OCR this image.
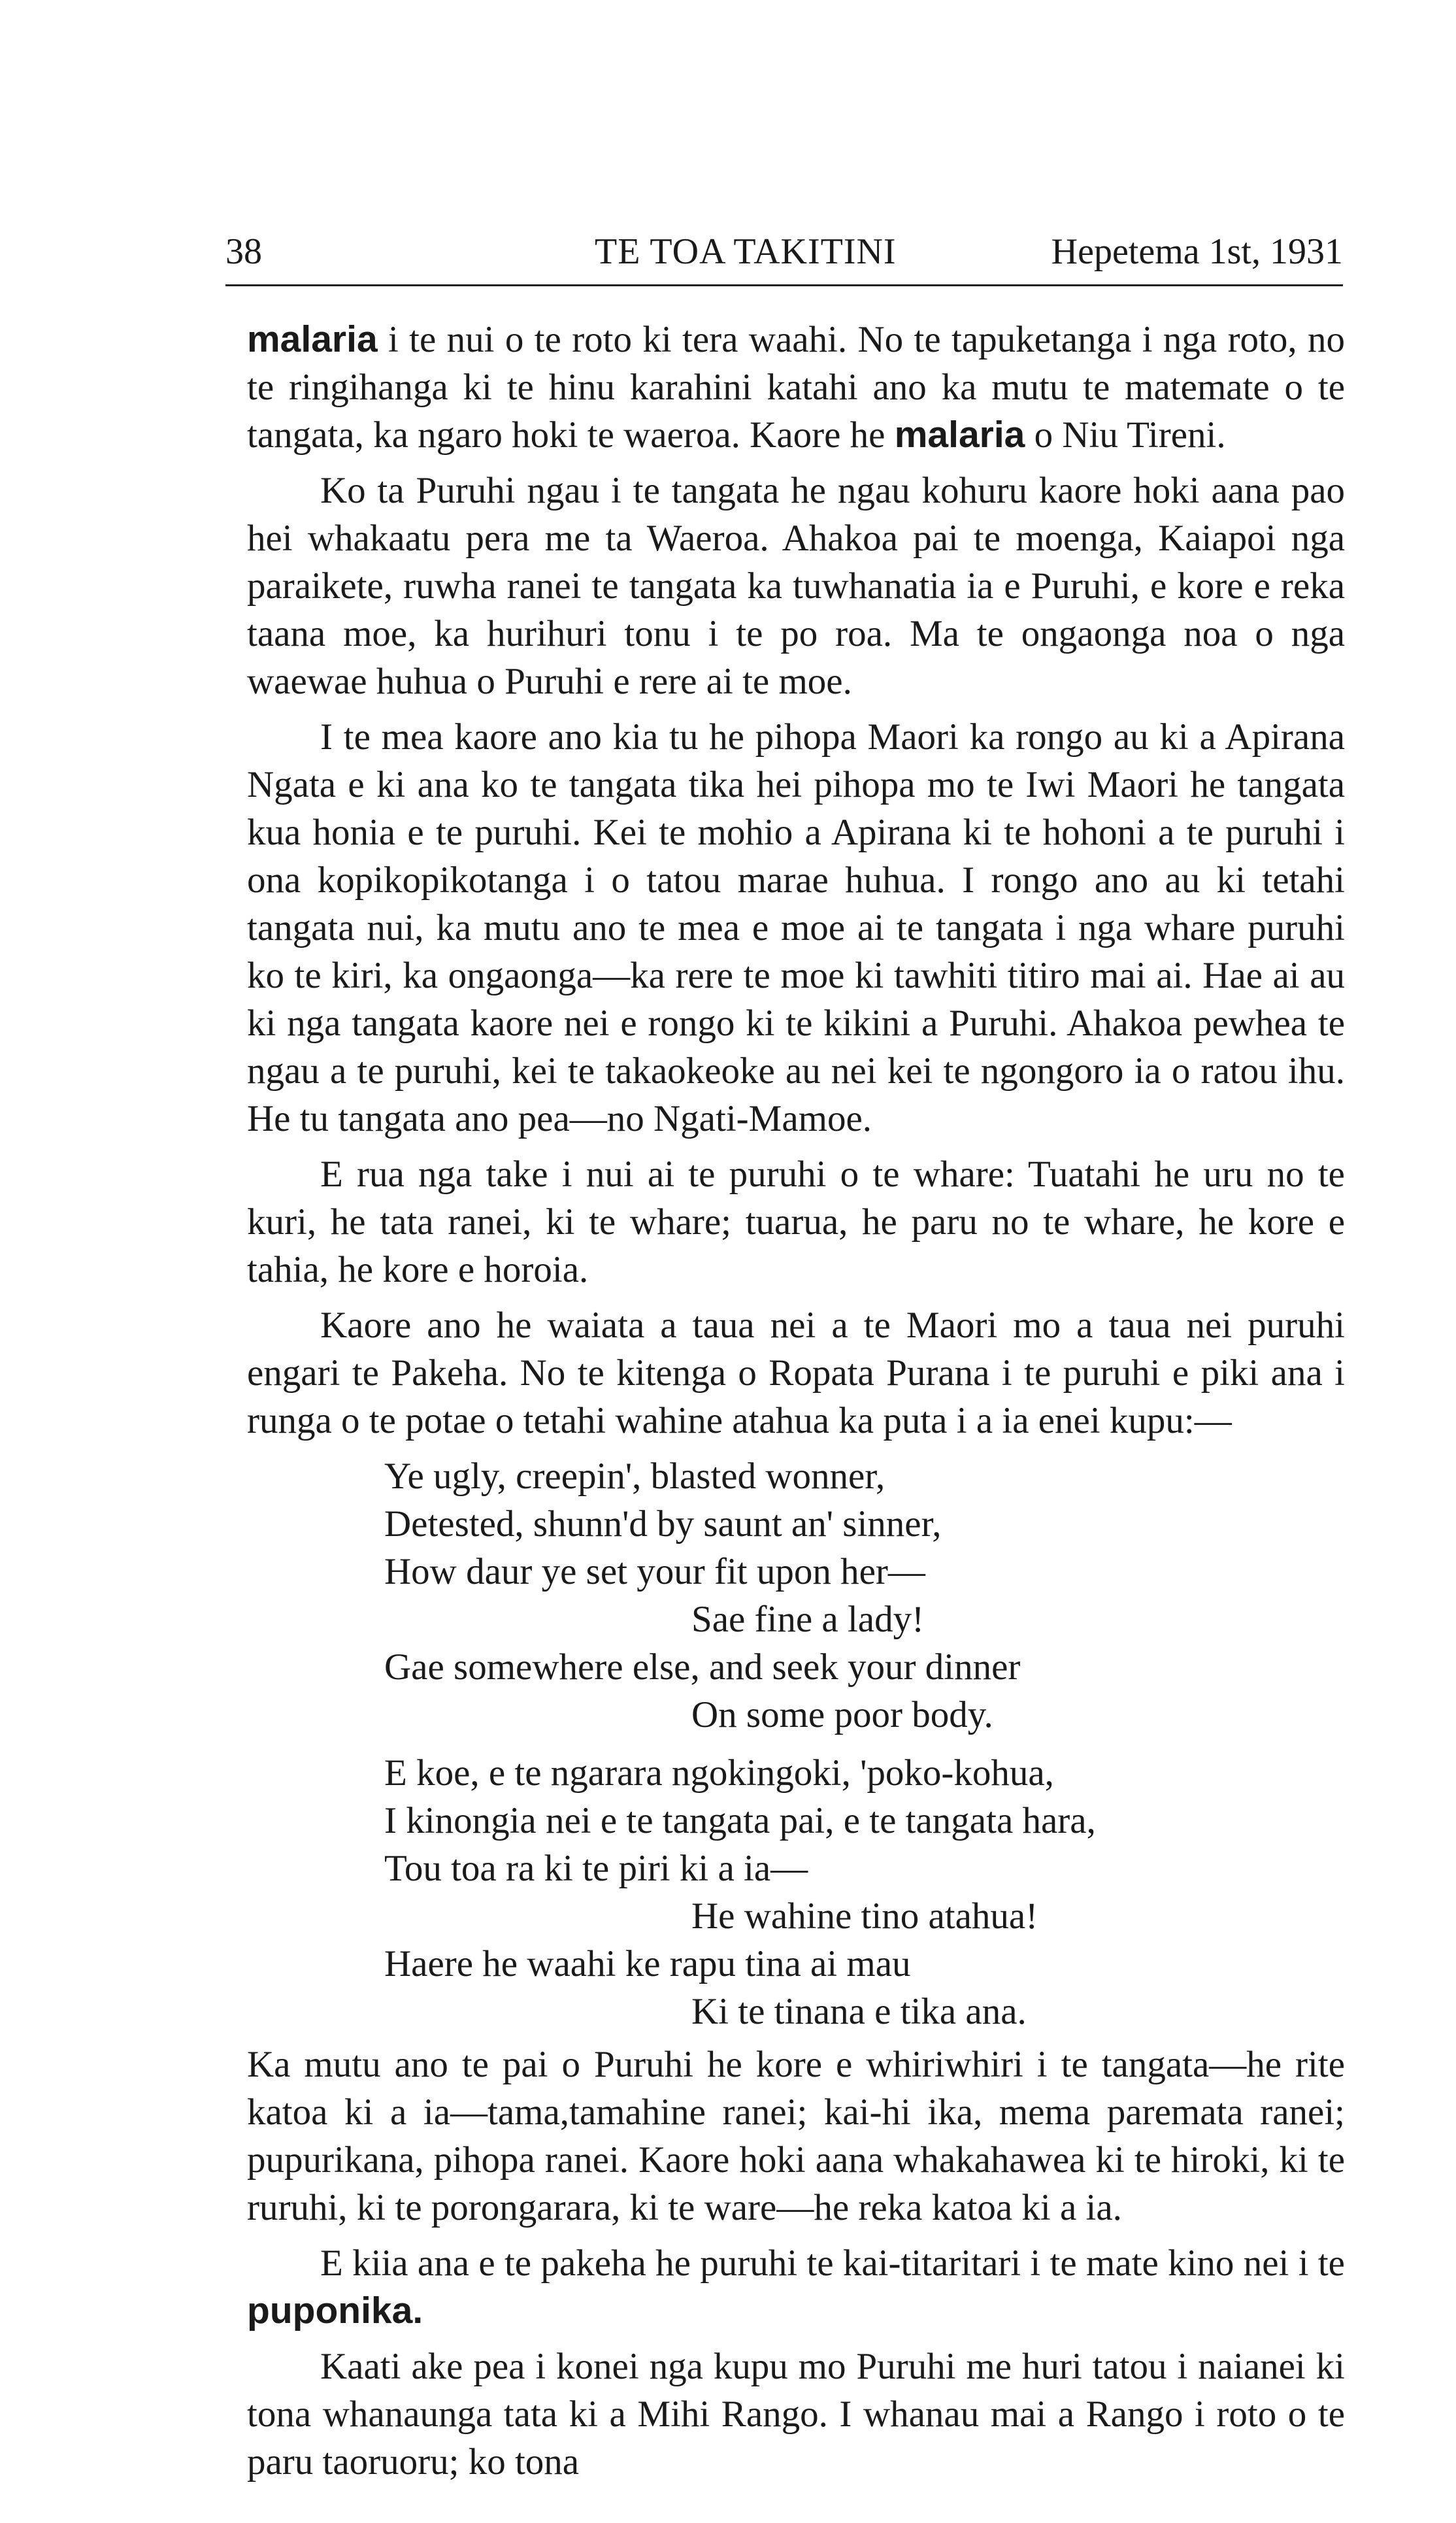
38	TE TOA TAKITINI	Hepetema 1st, 1931

malaria i te nui o te roto ki tera waahi. No te tapuketanga i nga roto, no te ringihanga ki te hinu karahini katahi ano ka mutu te matemate o te tangata, ka ngaro hoki te waeroa. Kaore he malaria o Niu Tireni.

Ko ta Puruhi ngau i te tangata he ngau kohuru kaore hoki aana pao hei whakaatu pera me ta Waeroa. Ahakoa pai te moenga, Kaiapoi nga paraikete, ruwha ranei te tangata ka tuwhanatia ia e Puruhi, e kore e reka taana moe, ka hurihuri tonu i te po roa. Ma te ongaonga noa o nga waewae huhua o Puruhi e rere ai te moe.

I te mea kaore ano kia tu he pihopa Maori ka rongo au ki a Apirana Ngata e ki ana ko te tangata tika hei pihopa mo te Iwi Maori he tangata kua honia e te puruhi. Kei te mohio a Apirana ki te hohoni a te puruhi i ona kopikopikotanga i o tatou marae huhua. I rongo ano au ki tetahi tangata nui, ka mutu ano te mea e moe ai te tangata i nga whare puruhi ko te kiri, ka ongaonga—ka rere te moe ki tawhiti titiro mai ai. Hae ai au ki nga tangata kaore nei e rongo ki te kikini a Puruhi. Ahakoa pewhea te ngau a te puruhi, kei te takaokeoke au nei kei te ngongoro ia o ratou ihu. He tu tangata ano pea—no Ngati-Mamoe.

E rua nga take i nui ai te puruhi o te whare: Tuatahi he uru no te kuri, he tata ranei, ki te whare; tuarua, he paru no te whare, he kore e tahia, he kore e horoia.

Kaore ano he waiata a taua nei a te Maori mo a taua nei puruhi engari te Pakeha. No te kitenga o Ropata Purana i te puruhi e piki ana i runga o te potae o tetahi wahine atahua ka puta i a ia enei kupu:—

Ye ugly, creepin', blasted wonner,
Detested, shunn'd by saunt an' sinner,
How daur ye set your fit upon her—
Sae fine a lady!
Gae somewhere else, and seek your dinner
On some poor body.
E koe, e te ngarara ngokingoki, 'poko-kohua,
I kinongia nei e te tangata pai, e te tangata hara,
Tou toa ra ki te piri ki a ia—
He wahine tino atahua!
Haere he waahi ke rapu tina ai mau
Ki te tinana e tika ana.

Ka mutu ano te pai o Puruhi he kore e whiriwhiri i te tangata—he rite katoa ki a ia—tama,tamahine ranei; kai-hi ika, mema paremata ranei; pupurikana, pihopa ranei. Kaore hoki aana whakahawea ki te hiroki, ki te ruruhi, ki te porongarara, ki te ware—he reka katoa ki a ia.

E kiia ana e te pakeha he puruhi te kai-titaritari i te mate kino nei i te puponika.

Kaati ake pea i konei nga kupu mo Puruhi me huri tatou i naianei ki tona whanaunga tata ki a Mihi Rango. I whanau mai a Rango i roto o te paru taoruoru; ko tona
